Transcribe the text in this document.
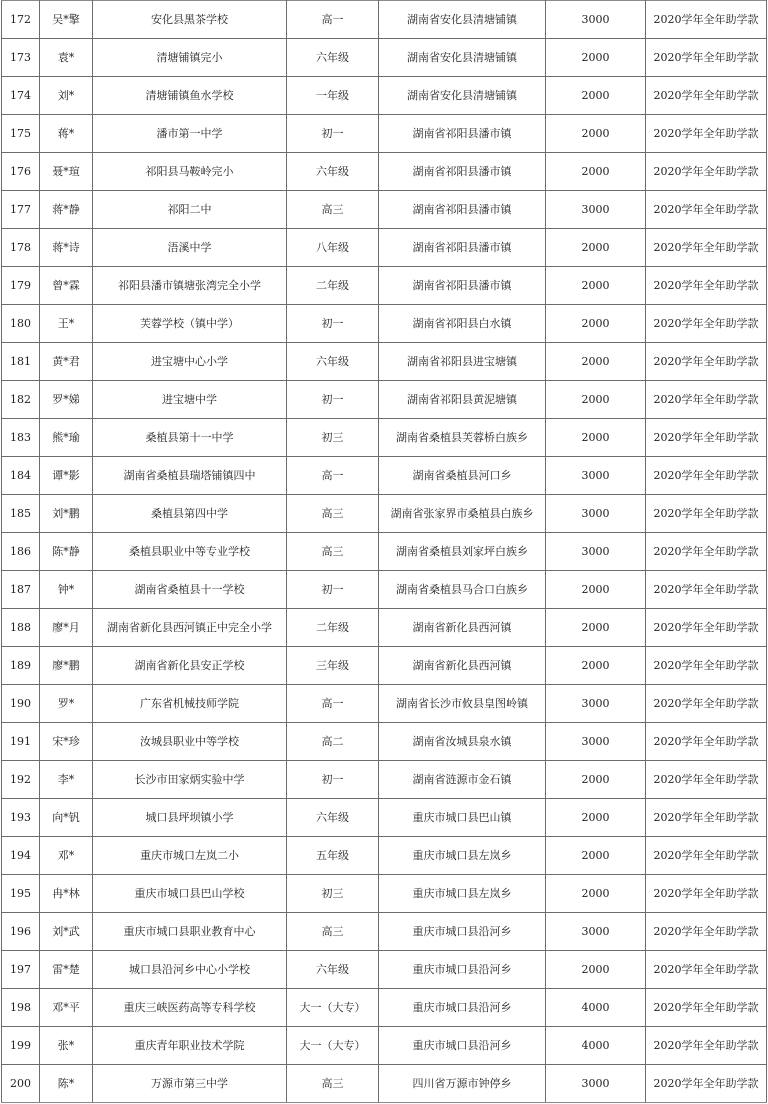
172	吴*擎	安化县黑茶学校	高一	湖南省安化县清塘铺镇	3000	2020学年全年助学款
173	袁*	清塘铺镇完小	六年级	湖南省安化县清塘铺镇	2000	2020学年全年助学款
174	刘*	清塘铺镇鱼水学校	一年级	湖南省安化县清塘铺镇	2000	2020学年全年助学款
175	蒋*	潘市第一中学	初一	湖南省祁阳县潘市镇	2000	2020学年全年助学款
176	聂*瑄	祁阳县马鞍岭完小	六年级	湖南省祁阳县潘市镇	2000	2020学年全年助学款
177	蒋*静	祁阳二中	高三	湖南省祁阳县潘市镇	3000	2020学年全年助学款
178	蒋*诗	浯溪中学	八年级	湖南省祁阳县潘市镇	2000	2020学年全年助学款
179	曾*霖	祁阳县潘市镇塘张湾完全小学	二年级	湖南省祁阳县潘市镇	2000	2020学年全年助学款
180	王*	芙蓉学校（镇中学）	初一	湖南省祁阳县白水镇	2000	2020学年全年助学款
181	黄*君	进宝塘中心小学	六年级	湖南省祁阳县进宝塘镇	2000	2020学年全年助学款
182	罗*娣	进宝塘中学	初一	湖南省祁阳县黄泥塘镇	2000	2020学年全年助学款
183	熊*瑜	桑植县第十一中学	初三	湖南省桑植县芙蓉桥白族乡	2000	2020学年全年助学款
184	谭*影	湖南省桑植县瑞塔铺镇四中	高一	湖南省桑植县河口乡	3000	2020学年全年助学款
185	刘*鹏	桑植县第四中学	高三	湖南省张家界市桑植县白族乡	3000	2020学年全年助学款
186	陈*静	桑植县职业中等专业学校	高三	湖南省桑植县刘家坪白族乡	3000	2020学年全年助学款
187	钟*	湖南省桑植县十一学校	初一	湖南省桑植县马合口白族乡	2000	2020学年全年助学款
188	廖*月	湖南省新化县西河镇正中完全小学	二年级	湖南省新化县西河镇	2000	2020学年全年助学款
189	廖*鹏	湖南省新化县安正学校	三年级	湖南省新化县西河镇	2000	2020学年全年助学款
190	罗*	广东省机械技师学院	高一	湖南省长沙市攸县皇图岭镇	3000	2020学年全年助学款
191	宋*珍	汝城县职业中等学校	高二	湖南省汝城县泉水镇	3000	2020学年全年助学款
192	李*	长沙市田家炳实验中学	初一	湖南省涟源市金石镇	2000	2020学年全年助学款
193	向*钒	城口县坪坝镇小学	六年级	重庆市城口县巴山镇	2000	2020学年全年助学款
194	邓*	重庆市城口左岚二小	五年级	重庆市城口县左岚乡	2000	2020学年全年助学款
195	冉*林	重庆市城口县巴山学校	初三	重庆市城口县左岚乡	2000	2020学年全年助学款
196	刘*武	重庆市城口县职业教育中心	高三	重庆市城口县沿河乡	3000	2020学年全年助学款
197	雷*楚	城口县沿河乡中心小学校	六年级	重庆市城口县沿河乡	2000	2020学年全年助学款
198	邓*平	重庆三峡医药高等专科学校	大一（大专）	重庆市城口县沿河乡	4000	2020学年全年助学款
199	张*	重庆青年职业技术学院	大一（大专）	重庆市城口县沿河乡	4000	2020学年全年助学款
200	陈*	万源市第三中学	高三	四川省万源市钟停乡	3000	2020学年全年助学款
